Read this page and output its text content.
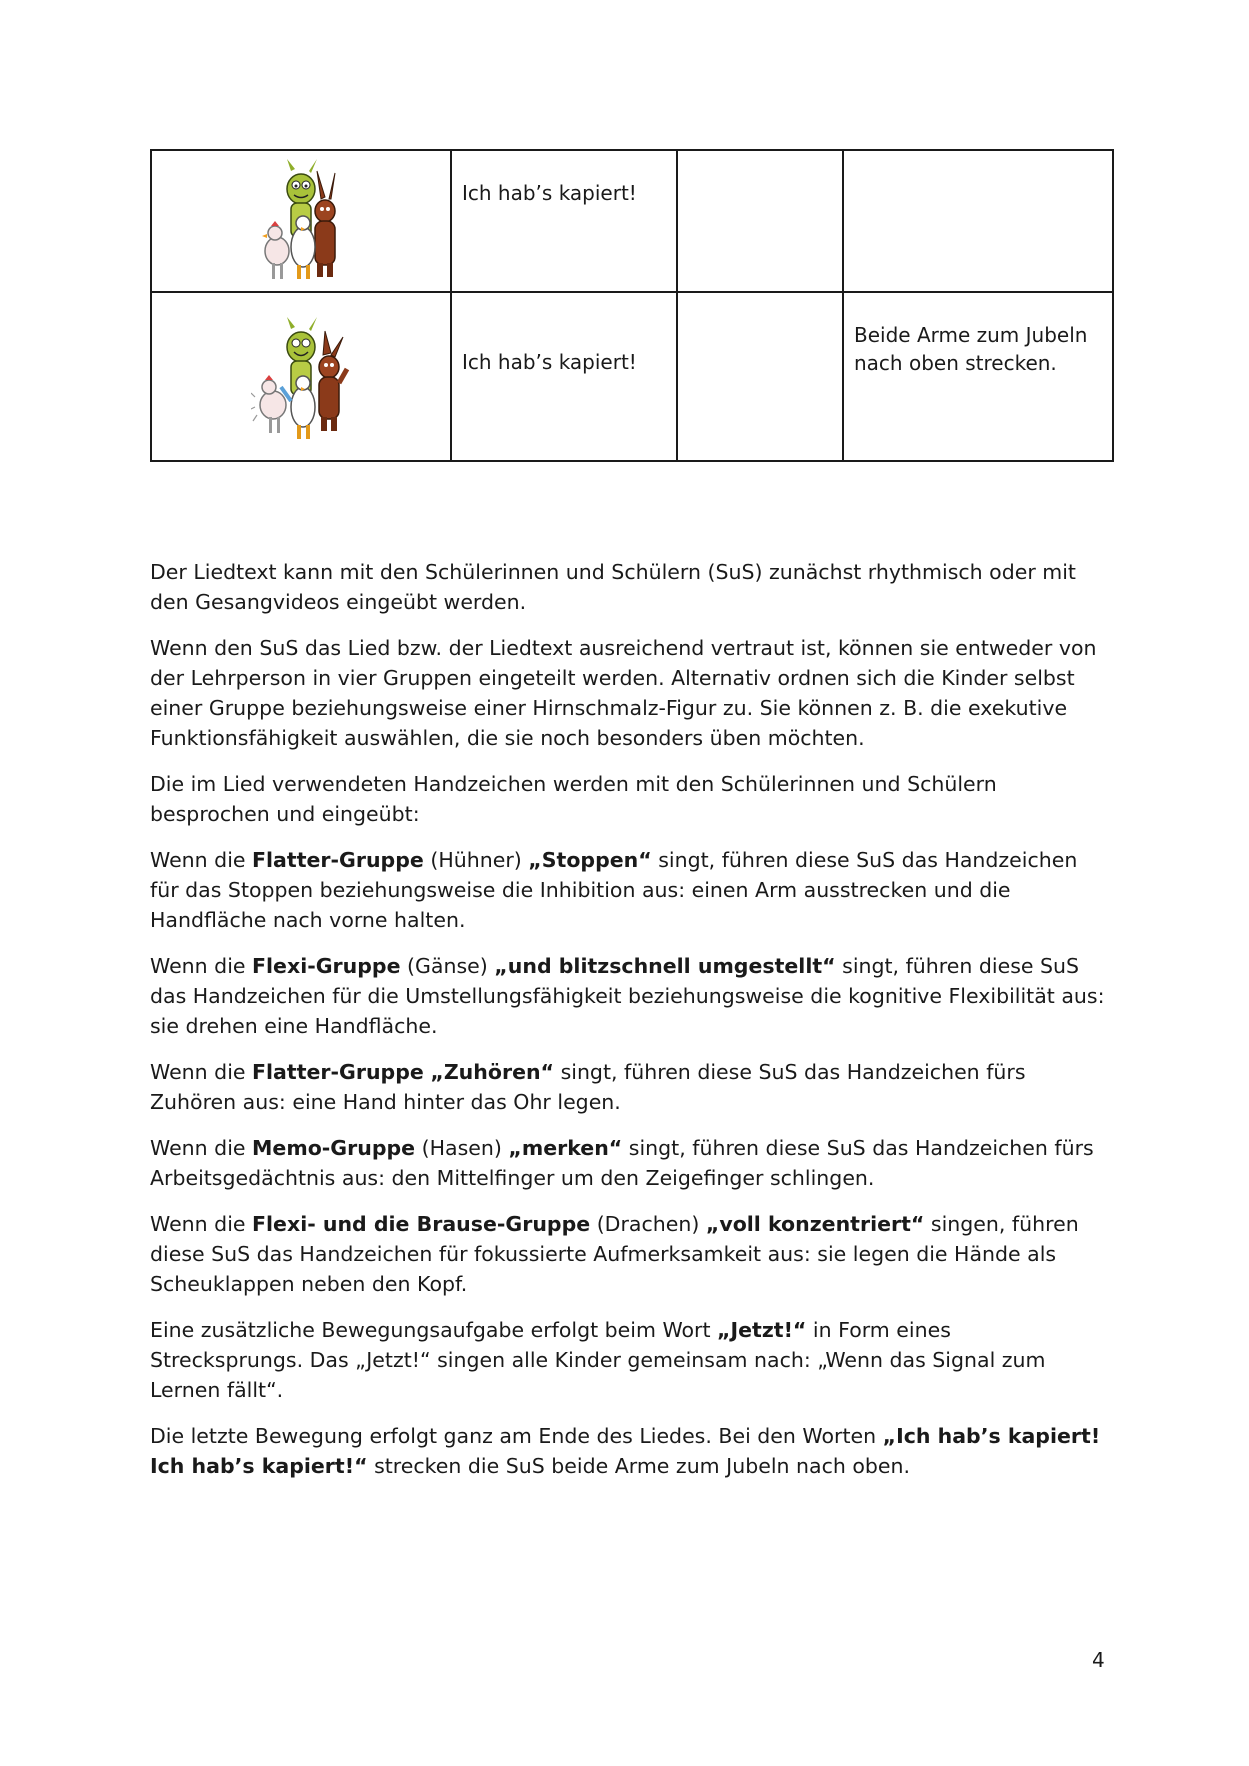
Ich hab’s kapiert!		

Ich hab’s kapiert!		Beide Arme zum Jubeln nach oben strecken.

Der Liedtext kann mit den Schülerinnen und Schülern (SuS) zunächst rhythmisch oder mit den Gesangvideos eingeübt werden.

Wenn den SuS das Lied bzw. der Liedtext ausreichend vertraut ist, können sie entweder von der Lehrperson in vier Gruppen eingeteilt werden. Alternativ ordnen sich die Kinder selbst einer Gruppe beziehungsweise einer Hirnschmalz-Figur zu. Sie können z. B. die exekutive Funktionsfähigkeit auswählen, die sie noch besonders üben möchten.

Die im Lied verwendeten Handzeichen werden mit den Schülerinnen und Schülern besprochen und eingeübt:

Wenn die Flatter-Gruppe (Hühner) „Stoppen“ singt, führen diese SuS das Handzeichen für das Stoppen beziehungsweise die Inhibition aus: einen Arm ausstrecken und die Handfläche nach vorne halten.

Wenn die Flexi-Gruppe (Gänse) „und blitzschnell umgestellt“ singt, führen diese SuS das Handzeichen für die Umstellungsfähigkeit beziehungsweise die kognitive Flexibilität aus: sie drehen eine Handfläche.

Wenn die Flatter-Gruppe „Zuhören“ singt, führen diese SuS das Handzeichen fürs Zuhören aus: eine Hand hinter das Ohr legen.

Wenn die Memo-Gruppe (Hasen) „merken“ singt, führen diese SuS das Handzeichen fürs Arbeitsgedächtnis aus: den Mittelfinger um den Zeigefinger schlingen.

Wenn die Flexi- und die Brause-Gruppe (Drachen) „voll konzentriert“ singen, führen diese SuS das Handzeichen für fokussierte Aufmerksamkeit aus: sie legen die Hände als Scheuklappen neben den Kopf.

Eine zusätzliche Bewegungsaufgabe erfolgt beim Wort „Jetzt!“ in Form eines Strecksprungs. Das „Jetzt!“ singen alle Kinder gemeinsam nach: „Wenn das Signal zum Lernen fällt“.

Die letzte Bewegung erfolgt ganz am Ende des Liedes. Bei den Worten „Ich hab’s kapiert! Ich hab’s kapiert!“ strecken die SuS beide Arme zum Jubeln nach oben.

4
